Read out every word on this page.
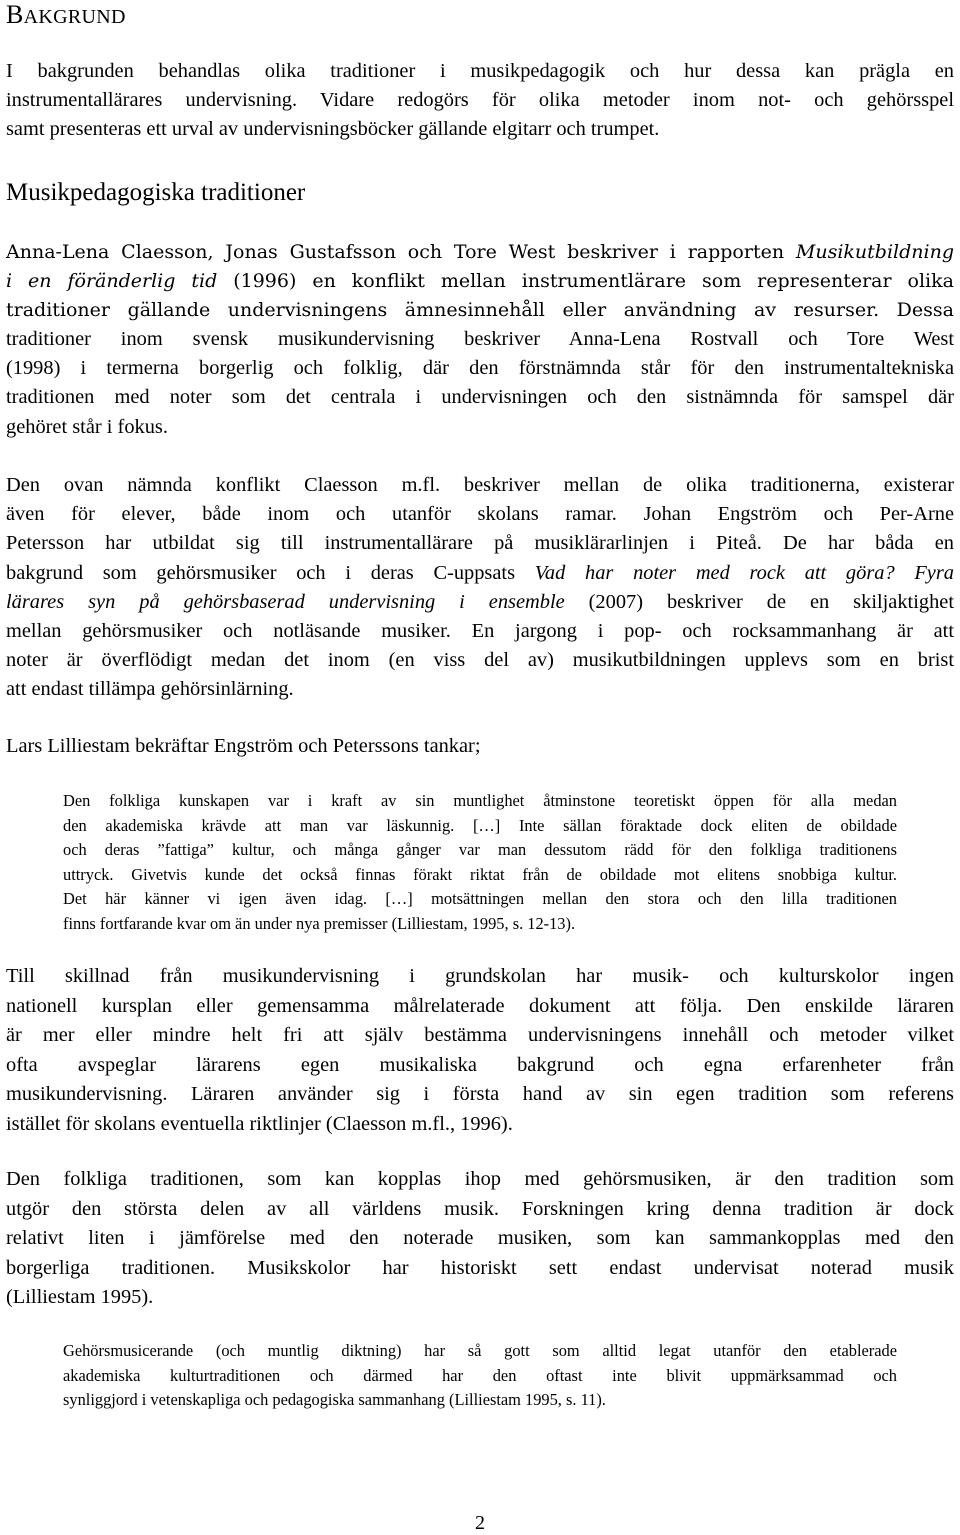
BAKGRUND
I bakgrunden behandlas olika traditioner i musikpedagogik och hur dessa kan prägla en
instrumentallärares undervisning. Vidare redogörs för olika metoder inom not- och gehörsspel
samt presenteras ett urval av undervisningsböcker gällande elgitarr och trumpet.
Musikpedagogiska traditioner
Anna-Lena Claesson, Jonas Gustafsson och Tore West beskriver i rapporten Musikutbildning
i en föränderlig tid (1996) en konflikt mellan instrumentlärare som representerar olika
traditioner gällande undervisningens ämnesinnehåll eller användning av resurser. Dessa
traditioner inom svensk musikundervisning beskriver Anna-Lena Rostvall och Tore West
(1998) i termerna borgerlig och folklig, där den förstnämnda står för den instrumentaltekniska
traditionen med noter som det centrala i undervisningen och den sistnämnda för samspel där
gehöret står i fokus.
Den ovan nämnda konflikt Claesson m.fl. beskriver mellan de olika traditionerna, existerar
även för elever, både inom och utanför skolans ramar. Johan Engström och Per-Arne
Petersson har utbildat sig till instrumentallärare på musiklärarlinjen i Piteå. De har båda en
bakgrund som gehörsmusiker och i deras C-uppsats Vad har noter med rock att göra? Fyra
lärares syn på gehörsbaserad undervisning i ensemble (2007) beskriver de en skiljaktighet
mellan gehörsmusiker och notläsande musiker. En jargong i pop- och rocksammanhang är att
noter är överflödigt medan det inom (en viss del av) musikutbildningen upplevs som en brist
att endast tillämpa gehörsinlärning.
Lars Lilliestam bekräftar Engström och Peterssons tankar;
Den folkliga kunskapen var i kraft av sin muntlighet åtminstone teoretiskt öppen för alla medan
den akademiska krävde att man var läskunnig. […] Inte sällan föraktade dock eliten de obildade
och deras ”fattiga” kultur, och många gånger var man dessutom rädd för den folkliga traditionens
uttryck. Givetvis kunde det också finnas förakt riktat från de obildade mot elitens snobbiga kultur.
Det här känner vi igen även idag. […] motsättningen mellan den stora och den lilla traditionen
finns fortfarande kvar om än under nya premisser (Lilliestam, 1995, s. 12-13).
Till skillnad från musikundervisning i grundskolan har musik- och kulturskolor ingen
nationell kursplan eller gemensamma målrelaterade dokument att följa. Den enskilde läraren
är mer eller mindre helt fri att själv bestämma undervisningens innehåll och metoder vilket
ofta avspeglar lärarens egen musikaliska bakgrund och egna erfarenheter från
musikundervisning. Läraren använder sig i första hand av sin egen tradition som referens
istället för skolans eventuella riktlinjer (Claesson m.fl., 1996).
Den folkliga traditionen, som kan kopplas ihop med gehörsmusiken, är den tradition som
utgör den största delen av all världens musik. Forskningen kring denna tradition är dock
relativt liten i jämförelse med den noterade musiken, som kan sammankopplas med den
borgerliga traditionen. Musikskolor har historiskt sett endast undervisat noterad musik
(Lilliestam 1995).
Gehörsmusicerande (och muntlig diktning) har så gott som alltid legat utanför den etablerade
akademiska kulturtraditionen och därmed har den oftast inte blivit uppmärksammad och
synliggjord i vetenskapliga och pedagogiska sammanhang (Lilliestam 1995, s. 11).
2
